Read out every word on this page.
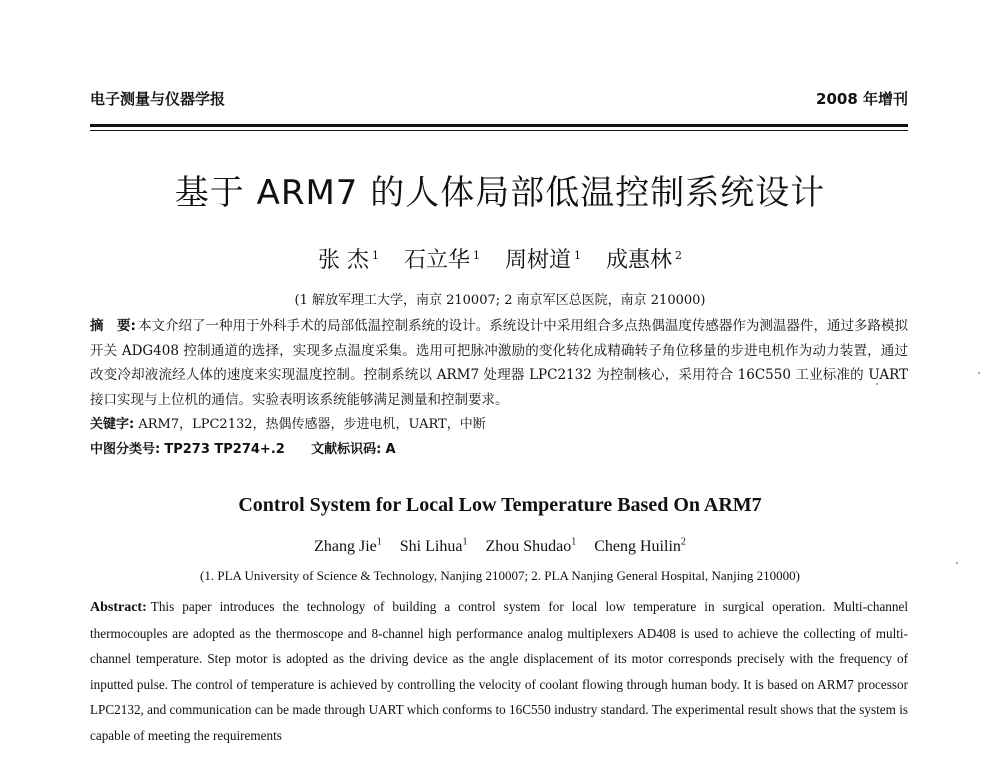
电子测量与仪器学报	2008 年增刊
基于 ARM7 的人体局部低温控制系统设计
张 杰 $^1$ 石立华 $^1$ 周树道 $^1$ 成惠林 $^2$
(1 解放军理工大学，南京 210007; 2 南京军区总医院，南京 210000)
摘　要: 本文介绍了一种用于外科手术的局部低温控制系统的设计。系统设计中采用组合多点热偶温度传感器作为测温器件，通过多路模拟开关 ADG408 控制通道的选择，实现多点温度采集。选用可把脉冲激励的变化转化成精确转子角位移量的步进电机作为动力装置，通过改变冷却液流经人体的速度来实现温度控制。控制系统以 ARM7 处理器 LPC2132 为控制核心，采用符合 16C550 工业标准的 UART 接口实现与上位机的通信。实验表明该系统能够满足测量和控制要求。
关键字: ARM7，LPC2132，热偶传感器，步进电机，UART，中断
中图分类号: TP273 TP274+.2 文献标识码: A
Control System for Local Low Temperature Based On ARM7
Zhang Jie$^1$ Shi Lihua$^1$ Zhou Shudao$^1$ Cheng Huilin$^2$
(1. PLA University of Science & Technology, Nanjing 210007; 2. PLA Nanjing General Hospital, Nanjing 210000)
Abstract: This paper introduces the technology of building a control system for local low temperature in surgical operation. Multi-channel thermocouples are adopted as the thermoscope and 8-channel high performance analog multiplexers AD408 is used to achieve the collecting of multi-channel temperature. Step motor is adopted as the driving device as the angle displacement of its motor corresponds precisely with the frequency of inputted pulse. The control of temperature is achieved by controlling the velocity of coolant flowing through human body. It is based on ARM7 processor LPC2132, and communication can be made through UART which conforms to 16C550 industry standard. The experimental result shows that the system is capable of meeting the requirements
